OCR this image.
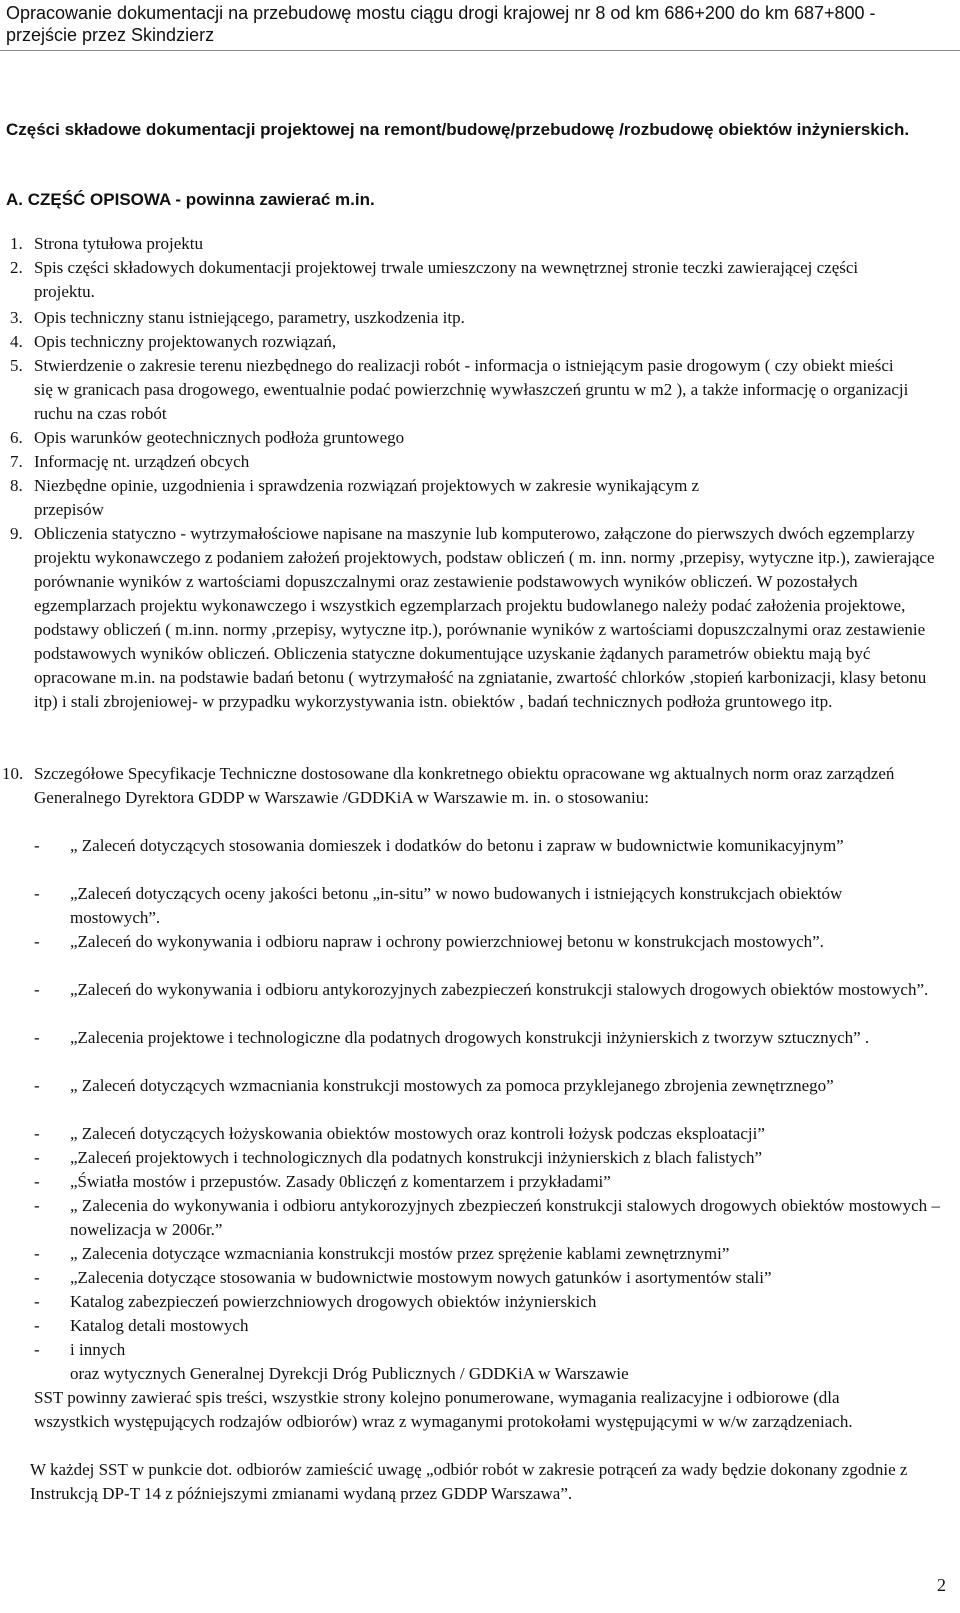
Opracowanie dokumentacji na przebudowę mostu ciągu drogi krajowej nr 8 od km 686+200 do km 687+800 - przejście przez Skindzierz
Części składowe dokumentacji projektowej na remont/budowę/przebudowę /rozbudowę obiektów inżynierskich.
A. CZĘŚĆ OPISOWA - powinna zawierać m.in.
1. Strona tytułowa projektu
2. Spis części składowych dokumentacji projektowej trwale umieszczony na wewnętrznej stronie teczki zawierającej części projektu.
3. Opis techniczny stanu istniejącego, parametry, uszkodzenia itp.
4. Opis techniczny projektowanych rozwiązań,
5. Stwierdzenie o zakresie terenu niezbędnego do realizacji robót - informacja o istniejącym pasie drogowym ( czy obiekt mieści się w granicach pasa drogowego, ewentualnie podać powierzchnię wywłaszczeń gruntu w m2 ), a także informację o organizacji ruchu na czas robót
6. Opis warunków geotechnicznych podłoża gruntowego
7. Informację nt. urządzeń obcych
8. Niezbędne opinie, uzgodnienia i sprawdzenia rozwiązań projektowych w zakresie wynikającym z przepisów
9. Obliczenia statyczno - wytrzymałościowe napisane na maszynie lub komputerowo, załączone do pierwszych dwóch egzemplarzy projektu wykonawczego z podaniem założeń projektowych, podstaw obliczeń ( m. inn. normy ,przepisy, wytyczne itp.), zawierające porównanie wyników z wartościami dopuszczalnymi oraz zestawienie podstawowych wyników obliczeń. W pozostałych egzemplarzach projektu wykonawczego i wszystkich egzemplarzach projektu budowlanego należy podać założenia projektowe, podstawy obliczeń ( m.inn. normy ,przepisy, wytyczne itp.), porównanie wyników z wartościami dopuszczalnymi oraz zestawienie podstawowych wyników obliczeń. Obliczenia statyczne dokumentujące uzyskanie żądanych parametrów obiektu mają być opracowane m.in. na podstawie badań betonu ( wytrzymałość na zgniatanie, zwartość chlorków ,stopień karbonizacji, klasy betonu itp) i stali zbrojeniowej- w przypadku wykorzystywania istn. obiektów , badań technicznych podłoża gruntowego itp.
10. Szczegółowe Specyfikacje Techniczne dostosowane dla konkretnego obiektu opracowane wg aktualnych norm oraz zarządzeń Generalnego Dyrektora GDDP w Warszawie /GDDKiA w Warszawie m. in. o stosowaniu:
- „ Zaleceń dotyczących stosowania domieszek i dodatków do betonu i zapraw w budownictwie komunikacyjnym”
- „Zaleceń dotyczących oceny jakości betonu „in-situ” w nowo budowanych i istniejących konstrukcjach obiektów mostowych”.
- „Zaleceń do wykonywania i odbioru napraw i ochrony powierzchniowej betonu w konstrukcjach mostowych”.
- „Zaleceń do wykonywania i odbioru antykorozyjnych zabezpieczeń konstrukcji stalowych drogowych obiektów mostowych”.
- „Zalecenia projektowe i technologiczne dla podatnych drogowych konstrukcji inżynierskich z tworzyw sztucznych” .
- „ Zaleceń dotyczących wzmacniania konstrukcji mostowych za pomoca przyklejanego zbrojenia zewnętrznego”
- „ Zaleceń dotyczących łożyskowania obiektów mostowych oraz kontroli łożysk podczas eksploatacji”
- „Zaleceń projektowych i technologicznych dla podatnych konstrukcji inżynierskich z blach falistych”
- „Światła mostów i przepustów. Zasady 0bliczęń z komentarzem i przykładami”
- „ Zalecenia do wykonywania i odbioru antykorozyjnych zbezpieczeń konstrukcji stalowych drogowych obiektów mostowych – nowelizacja w 2006r.”
- „ Zalecenia dotyczące wzmacniania konstrukcji mostów przez sprężenie kablami zewnętrznymi”
- „Zalecenia dotyczące stosowania w budownictwie mostowym nowych gatunków i asortymentów stali”
- Katalog zabezpieczeń powierzchniowych drogowych obiektów inżynierskich
- Katalog detali mostowych
- i innych
oraz wytycznych Generalnej Dyrekcji Dróg Publicznych / GDDKiA w Warszawie
SST powinny zawierać spis treści, wszystkie strony kolejno ponumerowane, wymagania realizacyjne i odbiorowe (dla wszystkich występujących rodzajów odbiorów) wraz z wymaganymi protokołami występującymi w w/w zarządzeniach.
W każdej SST w punkcie dot. odbiorów zamieścić uwagę „odbiór robót w zakresie potrąceń za wady będzie dokonany zgodnie z Instrukcją DP-T 14 z późniejszymi zmianami wydaną przez GDDP Warszawa”.
2
